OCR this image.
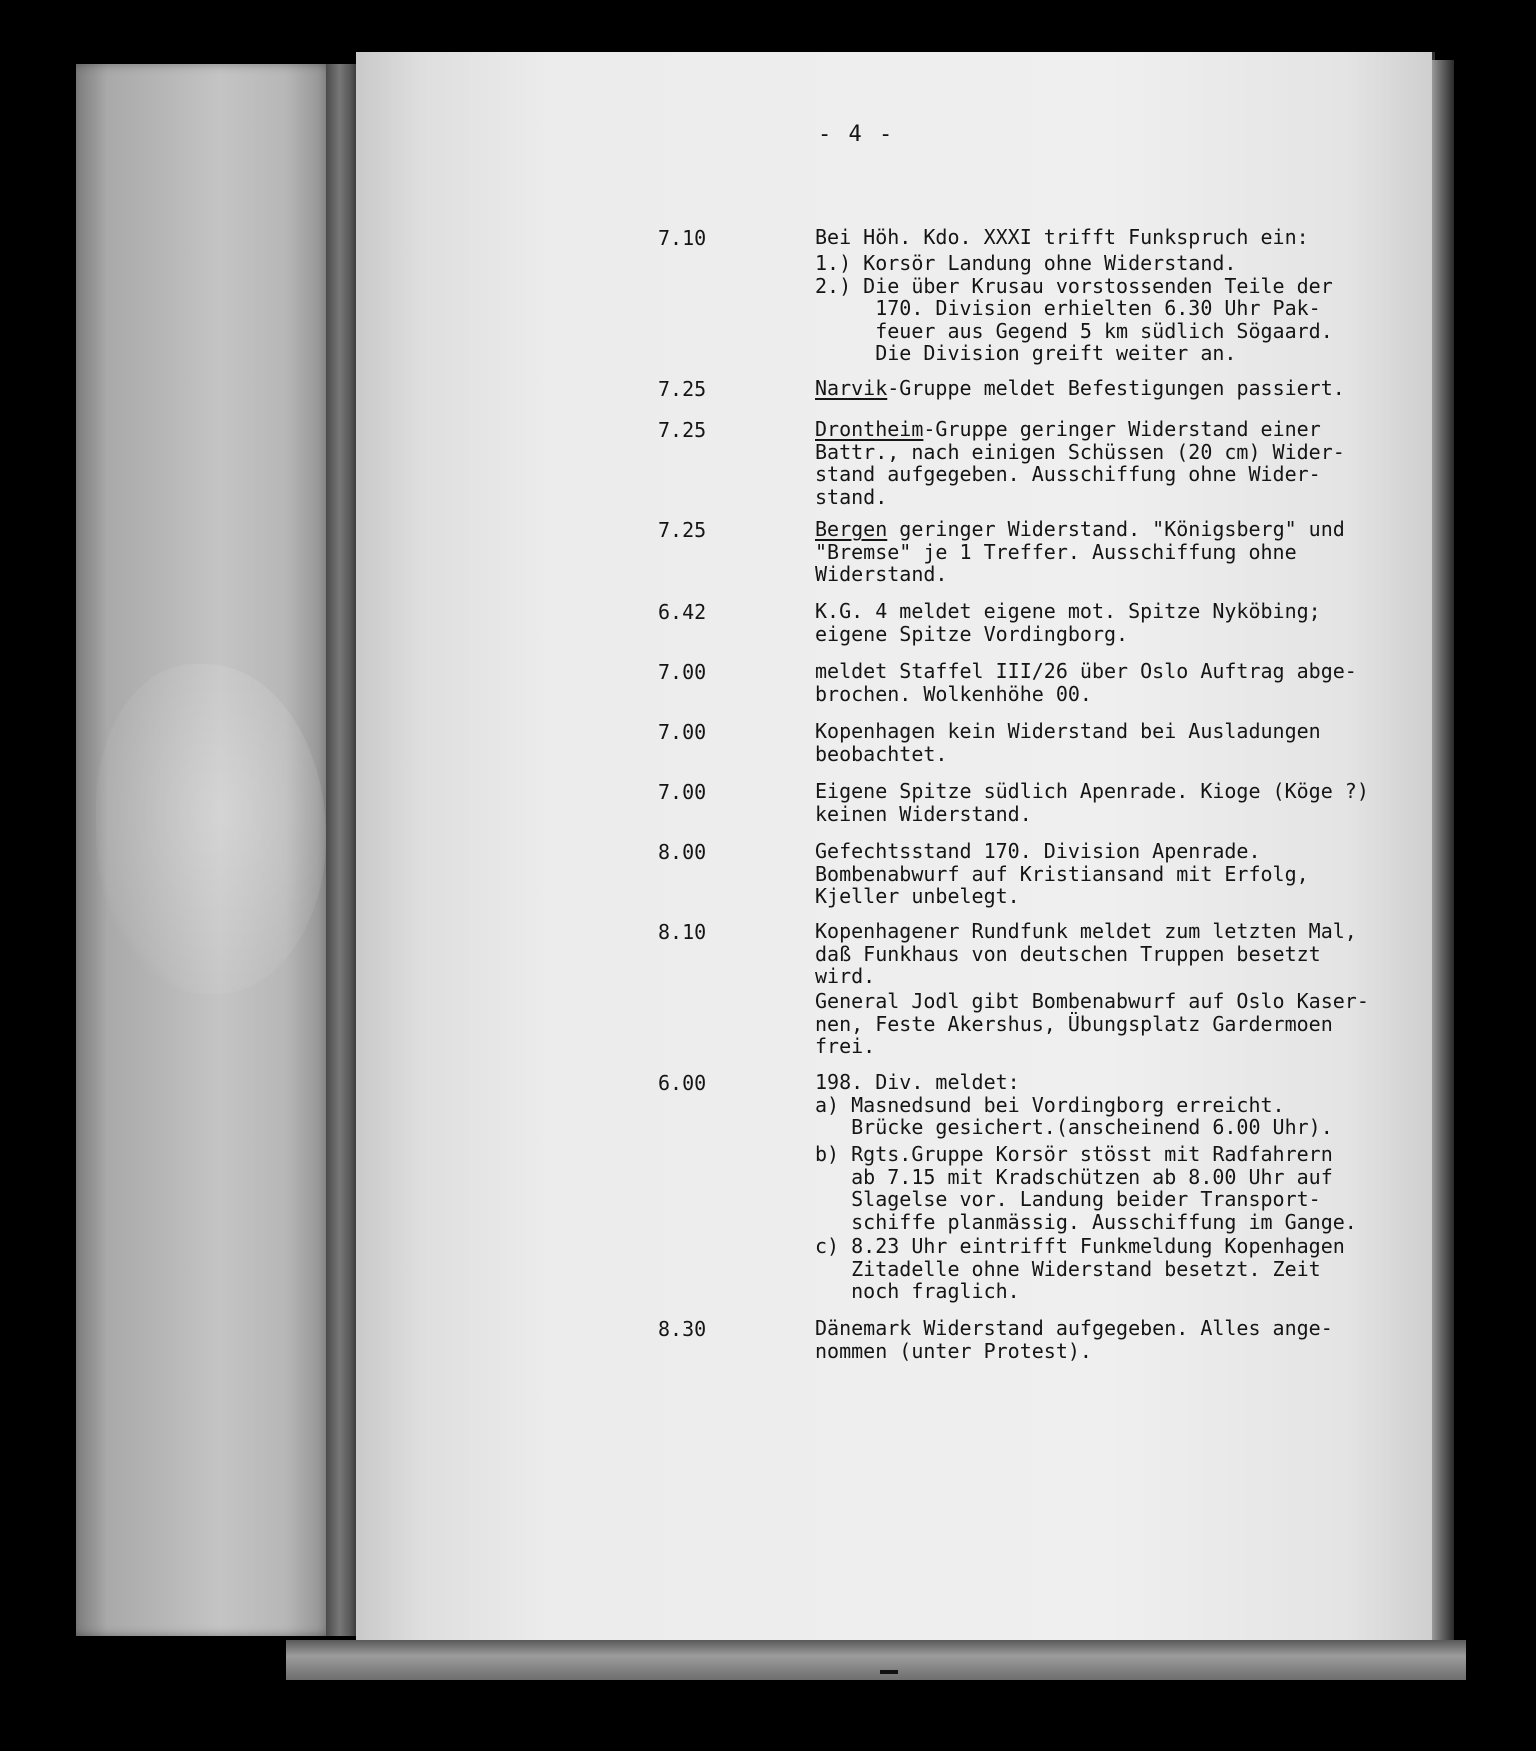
- 4 -
7.10	Bei Höh. Kdo. XXXI trifft Funkspruch ein:
1.) Korsör Landung ohne Widerstand.
2.) Die über Krusau vorstossenden Teile der
170. Division erhielten 6.30 Uhr Pak-
feuer aus Gegend 5 km südlich Sögaard.
Die Division greift weiter an.
7.25	Narvik-Gruppe meldet Befestigungen passiert.
7.25	Drontheim-Gruppe geringer Widerstand einer
Battr., nach einigen Schüssen (20 cm) Wider-
stand aufgegeben. Ausschiffung ohne Wider-
stand.
7.25	Bergen geringer Widerstand. "Königsberg" und
"Bremse" je 1 Treffer. Ausschiffung ohne
Widerstand.
6.42	K.G. 4 meldet eigene mot. Spitze Nyköbing;
eigene Spitze Vordingborg.
7.00	meldet Staffel III/26 über Oslo Auftrag abge-
brochen. Wolkenhöhe 00.
7.00	Kopenhagen kein Widerstand bei Ausladungen
beobachtet.
7.00	Eigene Spitze südlich Apenrade. Kioge (Köge ?)
keinen Widerstand.
8.00	Gefechtsstand 170. Division Apenrade.
Bombenabwurf auf Kristiansand mit Erfolg,
Kjeller unbelegt.
8.10	Kopenhagener Rundfunk meldet zum letzten Mal,
daß Funkhaus von deutschen Truppen besetzt
wird.
General Jodl gibt Bombenabwurf auf Oslo Kaser-
nen, Feste Akershus, Übungsplatz Gardermoen
frei.
6.00	198. Div. meldet:
a) Masnedsund bei Vordingborg erreicht.
Brücke gesichert.(anscheinend 6.00 Uhr).
b) Rgts.Gruppe Korsör stösst mit Radfahrern
ab 7.15 mit Kradschützen ab 8.00 Uhr auf
Slagelse vor. Landung beider Transport-
schiffe planmässig. Ausschiffung im Gange.
c) 8.23 Uhr eintrifft Funkmeldung Kopenhagen
Zitadelle ohne Widerstand besetzt. Zeit
noch fraglich.
8.30	Dänemark Widerstand aufgegeben. Alles ange-
nommen (unter Protest).
